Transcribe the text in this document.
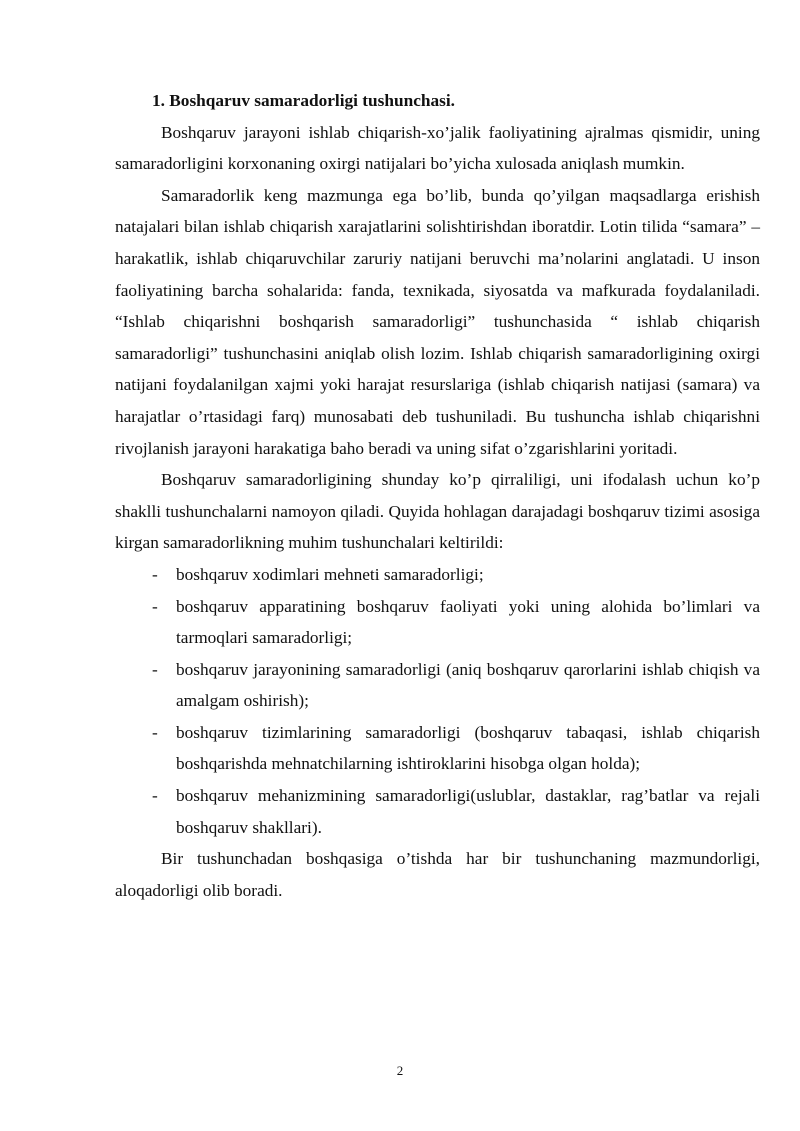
1. Boshqaruv samaradorligi tushunchasi.

Boshqaruv jarayoni ishlab chiqarish-xo’jalik faoliyatining ajralmas qismidir, uning samaradorligini korxonaning oxirgi natijalari bo’yicha xulosada aniqlash mumkin.

Samaradorlik keng mazmunga ega bo’lib, bunda qo’yilgan maqsadlarga erishish natajalari bilan ishlab chiqarish xarajatlarini solishtirishdan iboratdir. Lotin tilida “samara” – harakatlik, ishlab chiqaruvchilar zaruriy natijani beruvchi ma’nolarini anglatadi. U inson faoliyatining barcha sohalarida: fanda, texnikada, siyosatda va mafkurada foydalaniladi. “Ishlab chiqarishni boshqarish samaradorligi” tushunchasida “ ishlab chiqarish samaradorligi” tushunchasini aniqlab olish lozim. Ishlab chiqarish samaradorligining oxirgi natijani foydalanilgan xajmi yoki harajat resurslariga (ishlab chiqarish natijasi (samara) va harajatlar o’rtasidagi farq) munosabati deb tushuniladi. Bu tushuncha ishlab chiqarishni rivojlanish jarayoni harakatiga baho beradi va uning sifat o’zgarishlarini yoritadi.

Boshqaruv samaradorligining shunday ko’p qirraliligi, uni ifodalash uchun ko’p shaklli tushunchalarni namoyon qiladi. Quyida hohlagan darajadagi boshqaruv tizimi asosiga kirgan samaradorlikning muhim tushunchalari keltirildi:

- boshqaruv xodimlari mehneti samaradorligi;
- boshqaruv apparatining boshqaruv faoliyati yoki uning alohida bo’limlari va tarmoqlari samaradorligi;
- boshqaruv jarayonining samaradorligi (aniq boshqaruv qarorlarini ishlab chiqish va amalgam oshirish);
- boshqaruv tizimlarining samaradorligi (boshqaruv tabaqasi, ishlab chiqarish boshqarishda mehnatchilarning ishtiroklarini hisobga olgan holda);
- boshqaruv mehanizmining samaradorligi(uslublar, dastaklar, rag’batlar va rejali boshqaruv shakllari).

Bir tushunchadan boshqasiga o’tishda har bir tushunchaning mazmundorligi, aloqadorligi olib boradi.

2
